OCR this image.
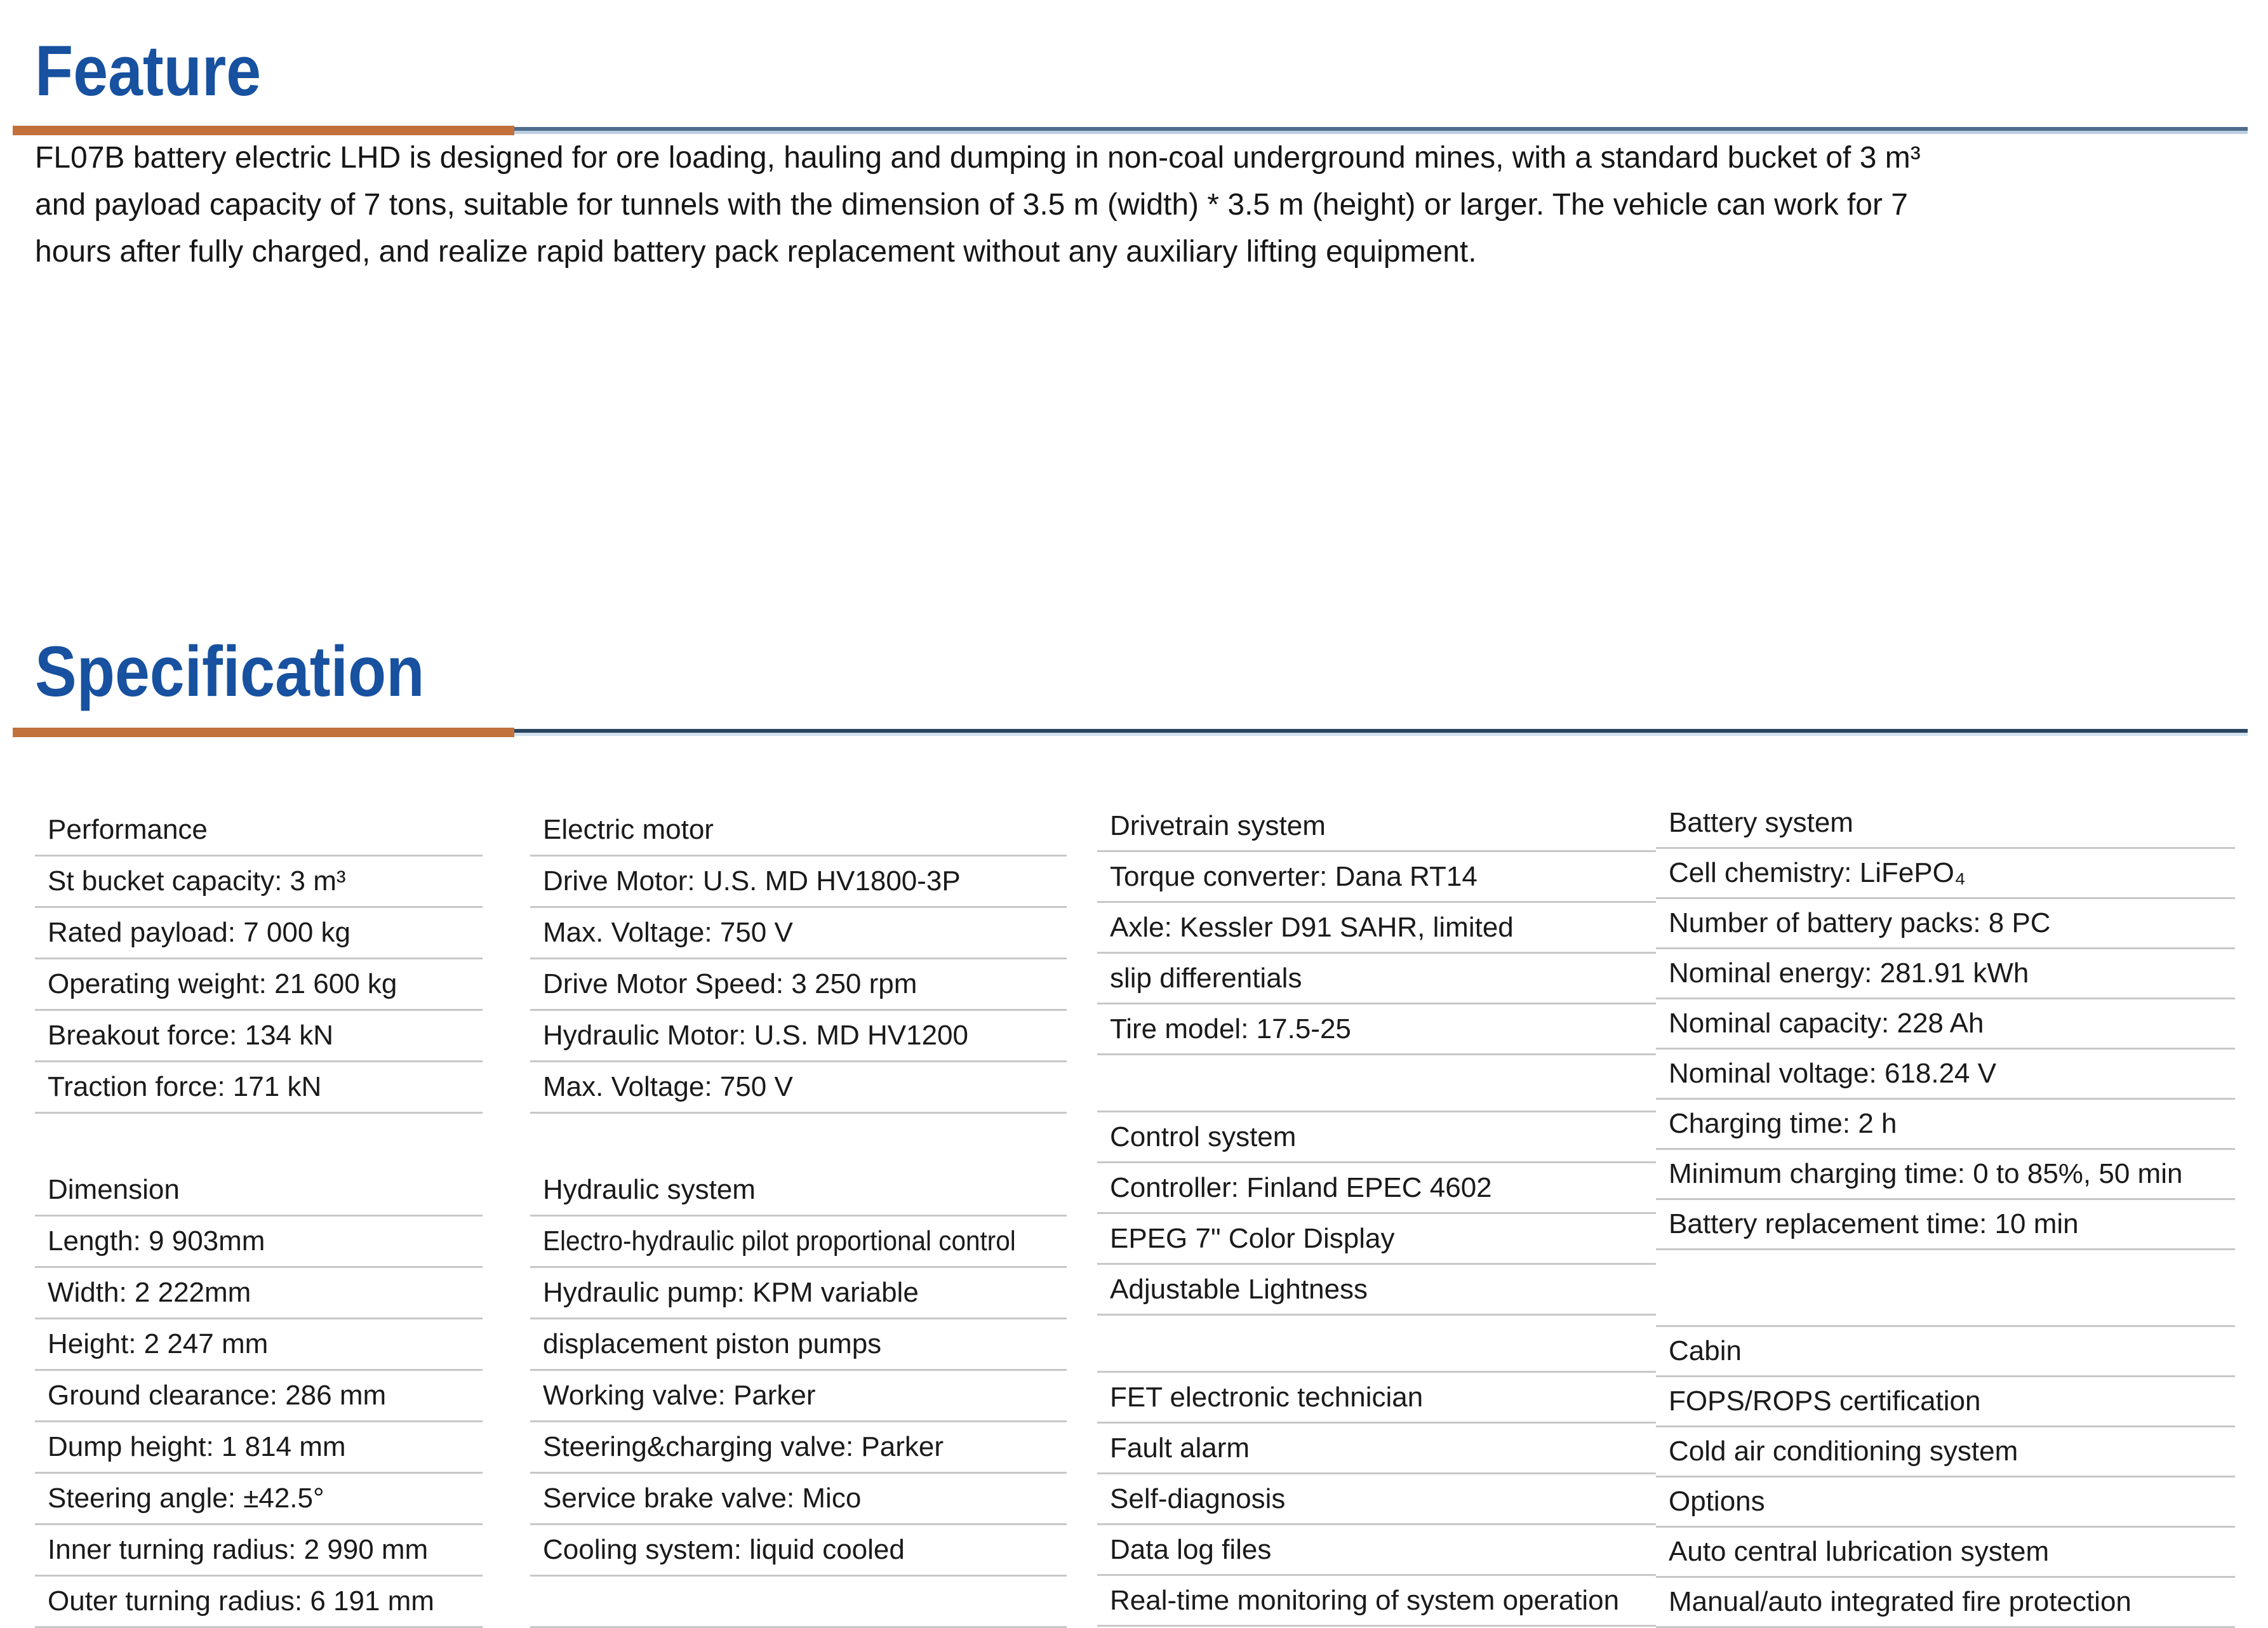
Feature
FL07B battery electric LHD is designed for ore loading, hauling and dumping in non-coal underground mines, with a standard bucket of 3 m³
and payload capacity of 7 tons, suitable for tunnels with the dimension of 3.5 m (width) * 3.5 m (height) or larger. The vehicle can work for 7
hours after fully charged, and realize rapid battery pack replacement without any auxiliary lifting equipment.
Specification
Performance
St bucket capacity: 3 m³
Rated payload: 7 000 kg
Operating weight: 21 600 kg
Breakout force: 134 kN
Traction force: 171 kN
Dimension
Length: 9 903mm
Width: 2 222mm
Height: 2 247 mm
Ground clearance: 286 mm
Dump height: 1 814 mm
Steering angle: ±42.5°
Inner turning radius: 2 990 mm
Outer turning radius: 6 191 mm
Electric motor
Drive Motor: U.S. MD HV1800-3P
Max. Voltage: 750 V
Drive Motor Speed: 3 250 rpm
Hydraulic Motor: U.S. MD HV1200
Max. Voltage: 750 V
Hydraulic system
Electro-hydraulic pilot proportional control
Hydraulic pump: KPM variable
displacement piston pumps
Working valve: Parker
Steering&charging valve: Parker
Service brake valve: Mico
Cooling system: liquid cooled
Drivetrain system
Torque converter: Dana RT14
Axle: Kessler D91 SAHR, limited
slip differentials
Tire model: 17.5-25
Control system
Controller: Finland EPEC 4602
EPEG 7" Color Display
Adjustable Lightness
FET electronic technician
Fault alarm
Self-diagnosis
Data log files
Real-time monitoring of system operation
Battery system
Cell chemistry: LiFePO₄
Number of battery packs: 8 PC
Nominal energy: 281.91 kWh
Nominal capacity: 228 Ah
Nominal voltage: 618.24 V
Charging time: 2 h
Minimum charging time: 0 to 85%, 50 min
Battery replacement time: 10 min
Cabin
FOPS/ROPS certification
Cold air conditioning system
Options
Auto central lubrication system
Manual/auto integrated fire protection
